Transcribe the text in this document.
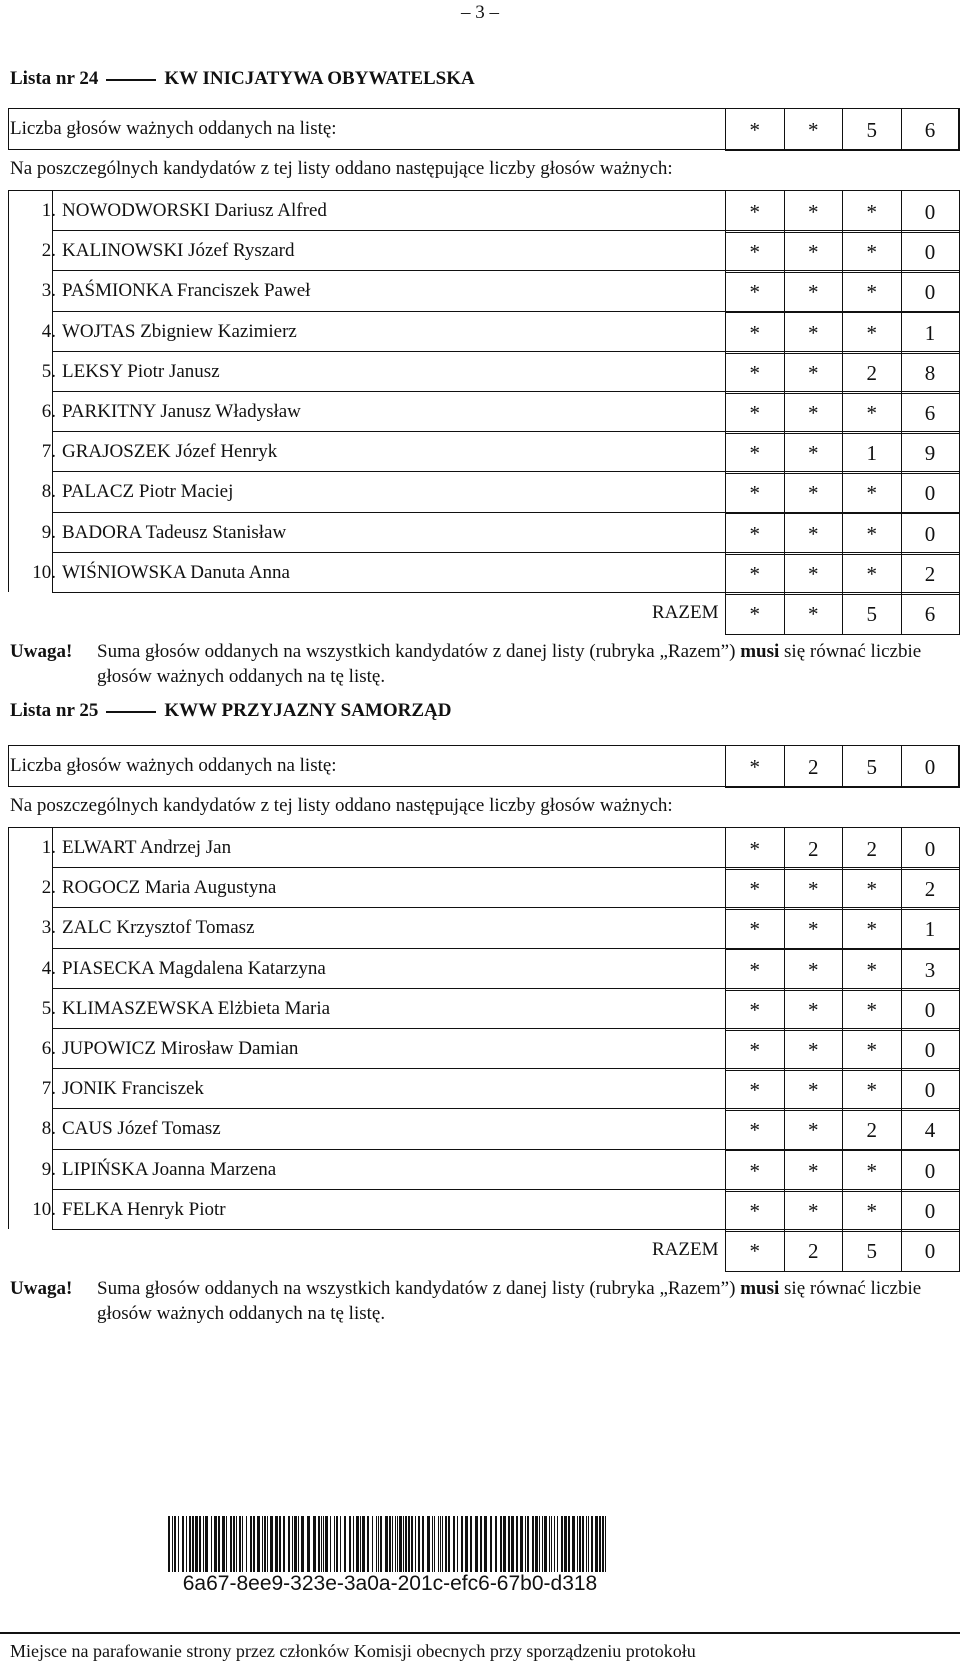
– 3 –
Lista nr 24	KW INICJATYWA OBYWATELSKA
Liczba głosów ważnych oddanych na listę:	*	*	5	6
Na poszczególnych kandydatów z tej listy oddano następujące liczby głosów ważnych:
1. NOWODWORSKI Dariusz Alfred	*	*	*	0
2. KALINOWSKI Józef Ryszard	*	*	*	0
3. PAŚMIONKA Franciszek Paweł	*	*	*	0
4. WOJTAS Zbigniew Kazimierz	*	*	*	1
5. LEKSY Piotr Janusz	*	*	2	8
6. PARKITNY Janusz Władysław	*	*	*	6
7. GRAJOSZEK Józef Henryk	*	*	1	9
8. PALACZ Piotr Maciej	*	*	*	0
9. BADORA Tadeusz Stanisław	*	*	*	0
10. WIŚNIOWSKA Danuta Anna	*	*	*	2
RAZEM	*	*	5	6
Uwaga! Suma głosów oddanych na wszystkich kandydatów z danej listy (rubryka „Razem”) musi się równać liczbie głosów ważnych oddanych na tę listę.
Lista nr 25	KWW PRZYJAZNY SAMORZĄD
Liczba głosów ważnych oddanych na listę:	*	2	5	0
Na poszczególnych kandydatów z tej listy oddano następujące liczby głosów ważnych:
1. ELWART Andrzej Jan	*	2	2	0
2. ROGOCZ Maria Augustyna	*	*	*	2
3. ZALC Krzysztof Tomasz	*	*	*	1
4. PIASECKA Magdalena Katarzyna	*	*	*	3
5. KLIMASZEWSKA Elżbieta Maria	*	*	*	0
6. JUPOWICZ Mirosław Damian	*	*	*	0
7. JONIK Franciszek	*	*	*	0
8. CAUS Józef Tomasz	*	*	2	4
9. LIPIŃSKA Joanna Marzena	*	*	*	0
10. FELKA Henryk Piotr	*	*	*	0
RAZEM	*	2	5	0
Uwaga! Suma głosów oddanych na wszystkich kandydatów z danej listy (rubryka „Razem”) musi się równać liczbie głosów ważnych oddanych na tę listę.
6a67-8ee9-323e-3a0a-201c-efc6-67b0-d318
Miejsce na parafowanie strony przez członków Komisji obecnych przy sporządzeniu protokołu
